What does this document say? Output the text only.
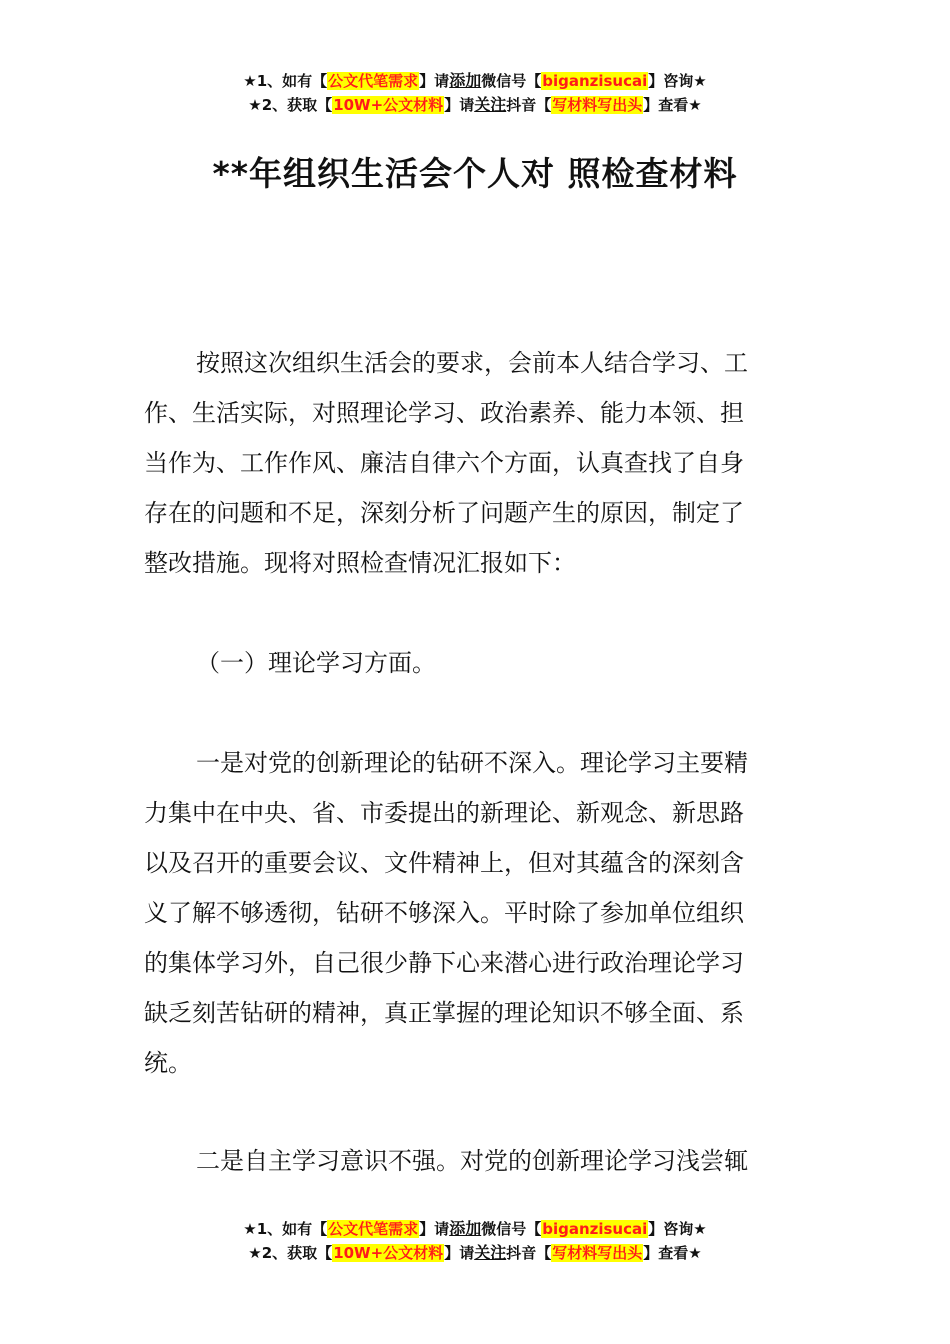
★1、如有【公文代笔需求】请添加微信号【biganzisucai】咨询★
★2、获取【10W+公文材料】请关注抖音【写材料写出头】查看★
**年组织生活会个人对 照检查材料
按照这次组织生活会的要求，会前本人结合学习、工
作、生活实际，对照理论学习、政治素养、能力本领、担
当作为、工作作风、廉洁自律六个方面，认真查找了自身
存在的问题和不足，深刻分析了问题产生的原因，制定了
整改措施。现将对照检查情况汇报如下：
（一）理论学习方面。
一是对党的创新理论的钻研不深入。理论学习主要精
力集中在中央、省、市委提出的新理论、新观念、新思路
以及召开的重要会议、文件精神上，但对其蕴含的深刻含
义了解不够透彻，钻研不够深入。平时除了参加单位组织
的集体学习外，自己很少静下心来潜心进行政治理论学习
缺乏刻苦钻研的精神，真正掌握的理论知识不够全面、系
统。
二是自主学习意识不强。对党的创新理论学习浅尝辄
★1、如有【公文代笔需求】请添加微信号【biganzisucai】咨询★
★2、获取【10W+公文材料】请关注抖音【写材料写出头】查看★
